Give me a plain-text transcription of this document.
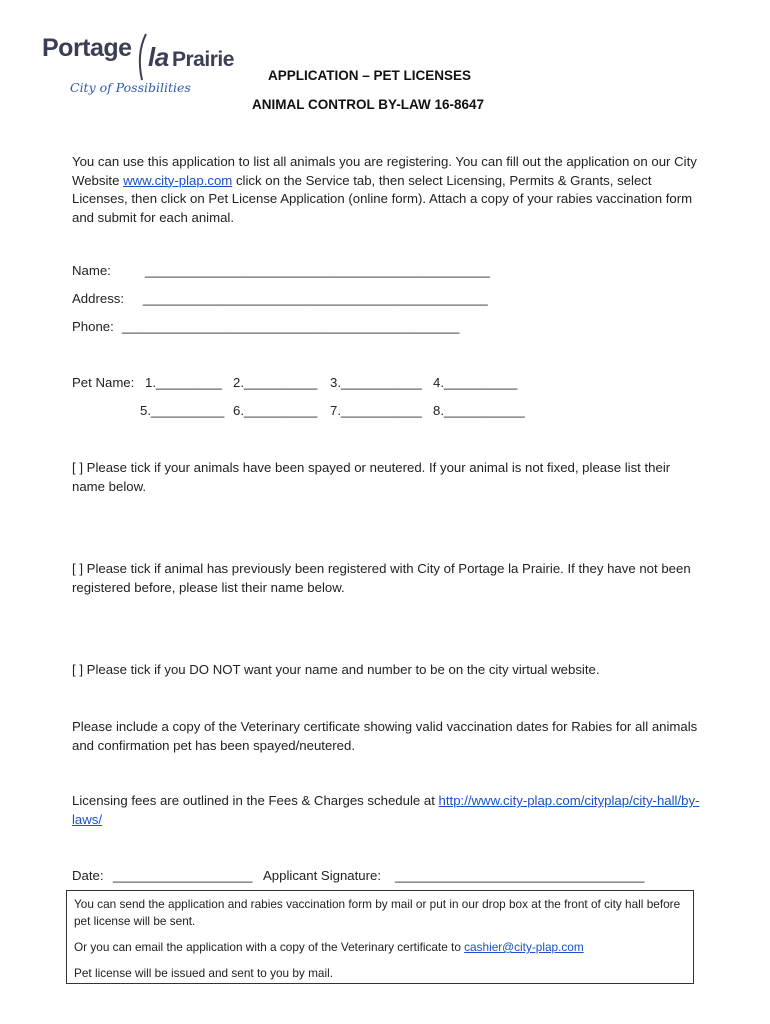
Portage la Prairie
City of Possibilities
APPLICATION – PET LICENSES
ANIMAL CONTROL BY-LAW 16-8647
You can use this application to list all animals you are registering. You can fill out the application on our City Website www.city-plap.com click on the Service tab, then select Licensing, Permits & Grants, select Licenses, then click on Pet License Application (online form). Attach a copy of your rabies vaccination form and submit for each animal.
Name:	_______________________________________________
Address: _______________________________________________
Phone: ______________________________________________
Pet Name: 1._________ 2.__________ 3.___________ 4.__________
5.__________ 6.__________ 7.___________ 8.___________
[ ] Please tick if your animals have been spayed or neutered. If your animal is not fixed, please list their name below.
[ ] Please tick if animal has previously been registered with City of Portage la Prairie. If they have not been registered before, please list their name below.
[ ] Please tick if you DO NOT want your name and number to be on the city virtual website.
Please include a copy of the Veterinary certificate showing valid vaccination dates for Rabies for all animals and confirmation pet has been spayed/neutered.
Licensing fees are outlined in the Fees & Charges schedule at http://www.city-plap.com/cityplap/city-hall/by-laws/
Date: ___________________ Applicant Signature: __________________________________
You can send the application and rabies vaccination form by mail or put in our drop box at the front of city hall before pet license will be sent.
Or you can email the application with a copy of the Veterinary certificate to cashier@city-plap.com
Pet license will be issued and sent to you by mail.
